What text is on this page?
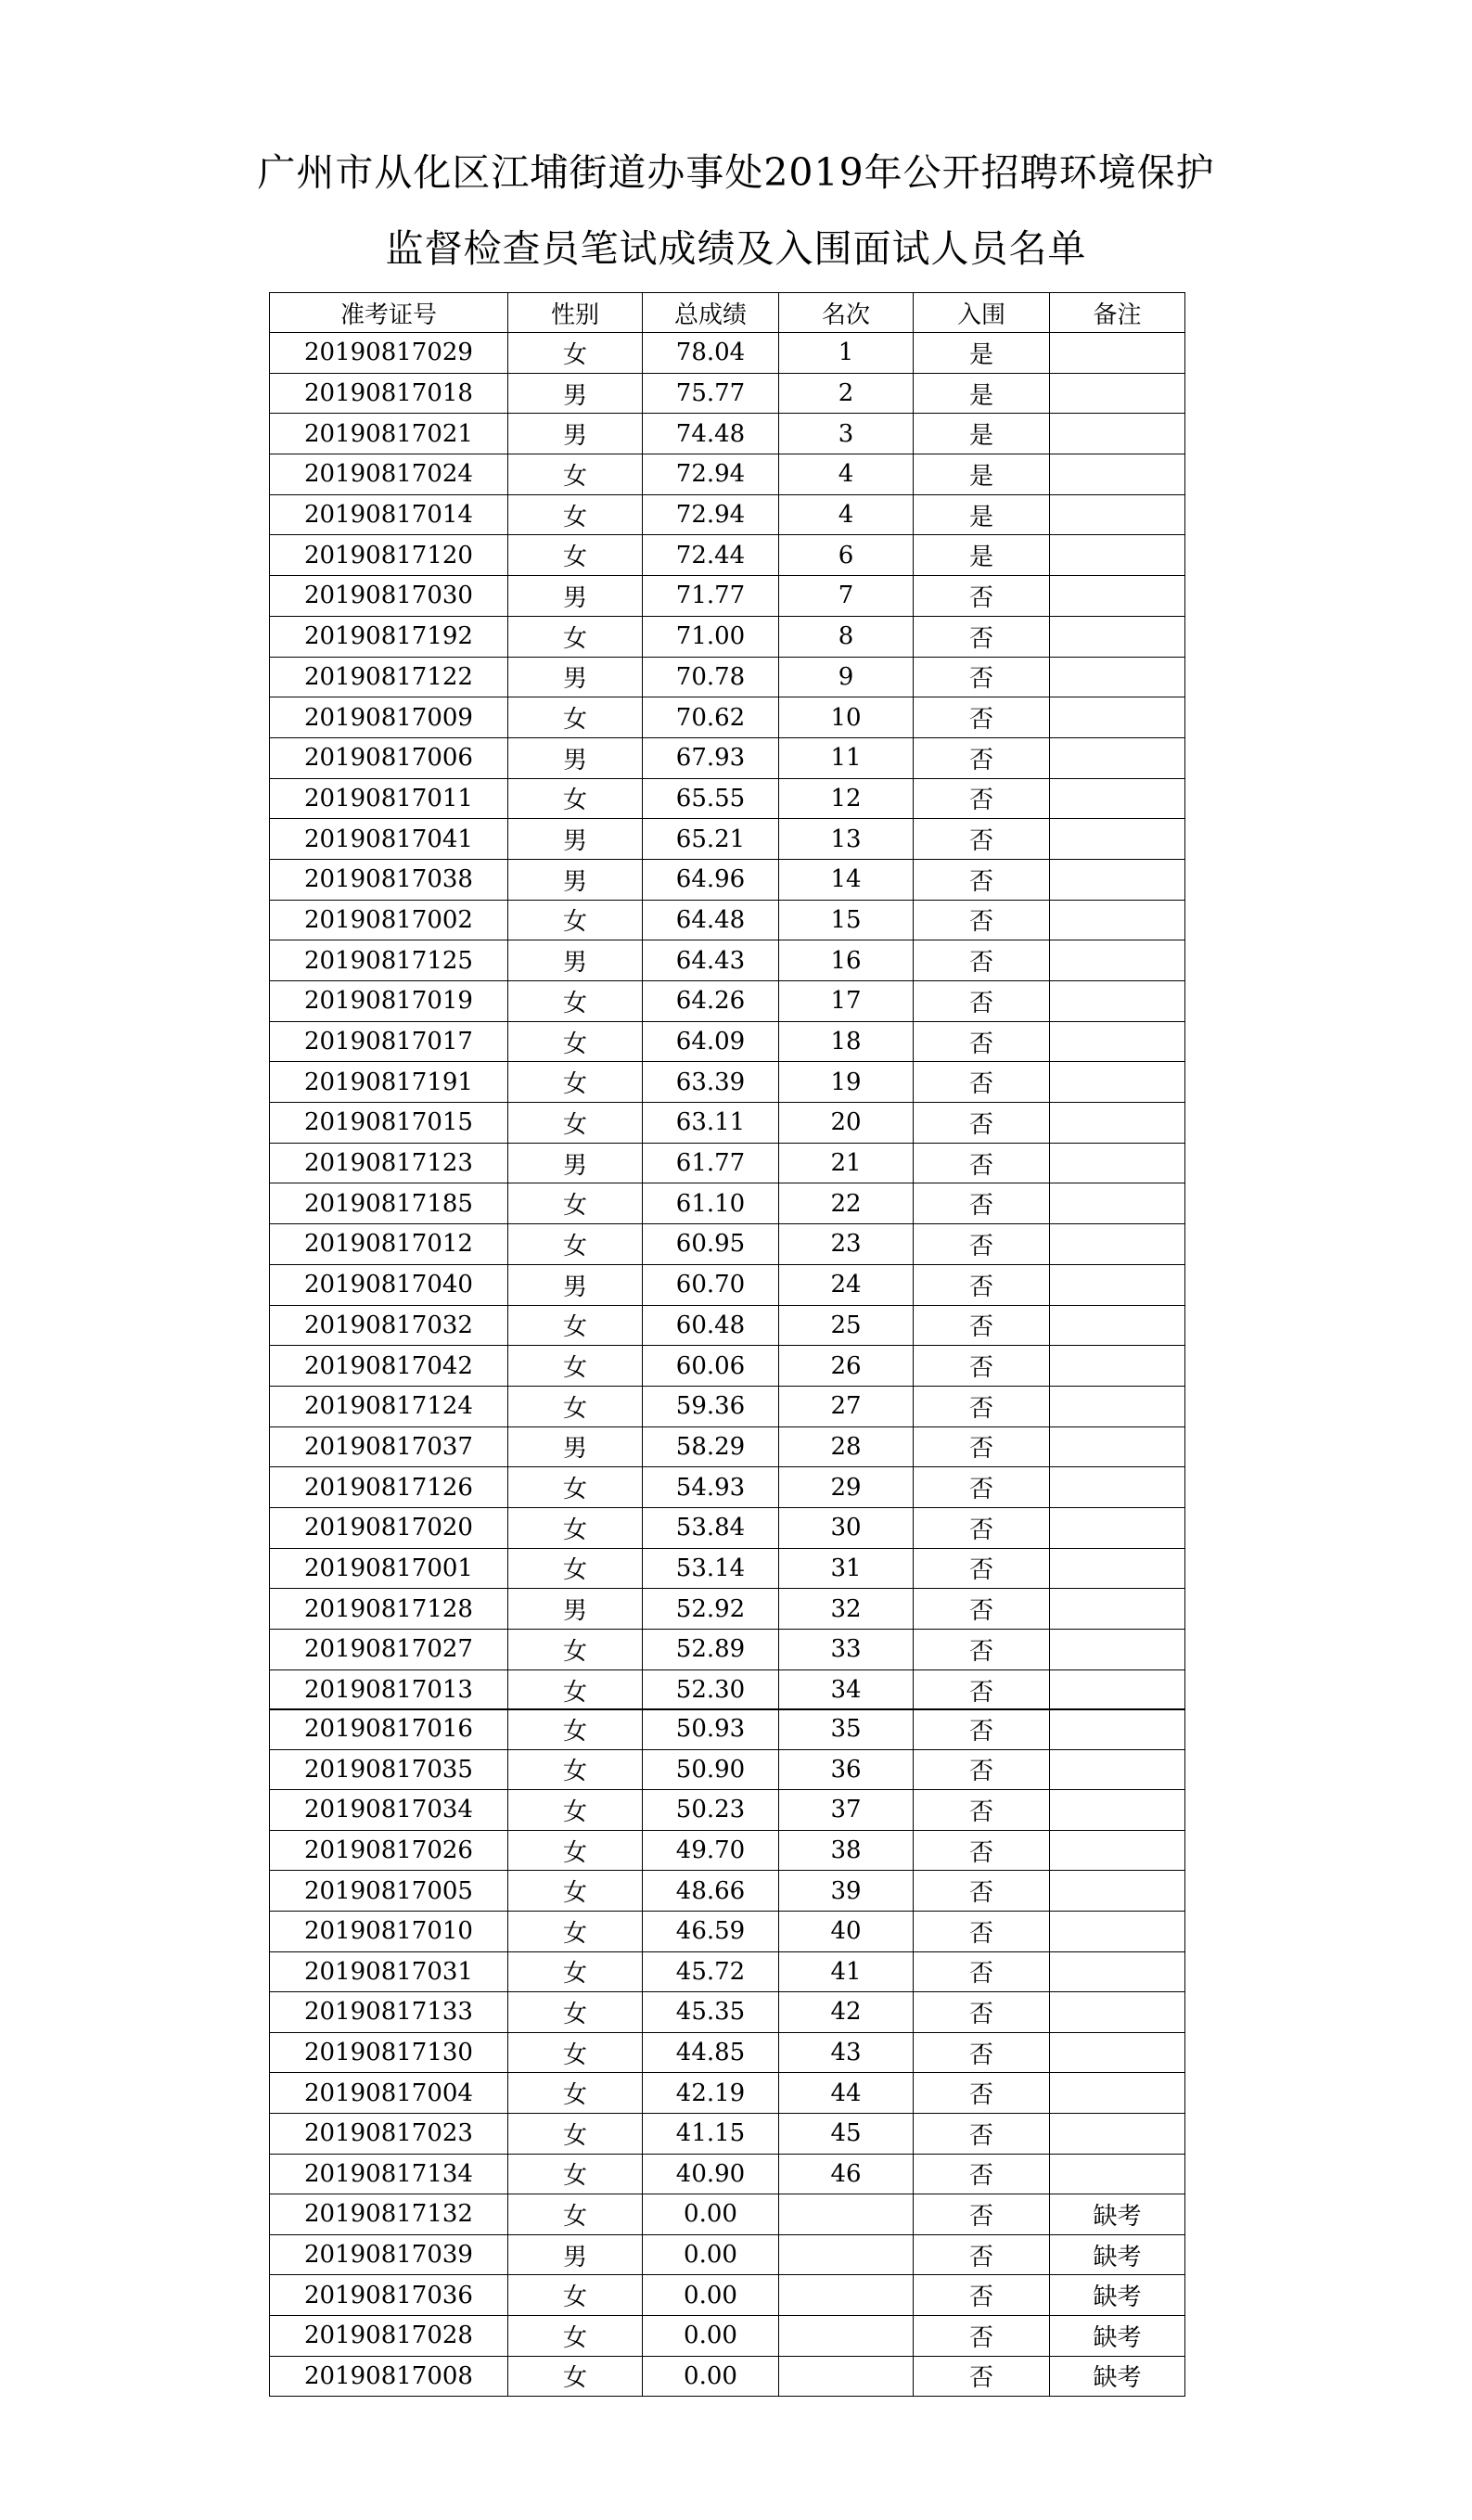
广州市从化区江埔街道办事处2019年公开招聘环境保护
监督检查员笔试成绩及入围面试人员名单
准考证号	性别	总成绩	名次	入围	备注
20190817029	女	78.04	1	是	
20190817018	男	75.77	2	是	
20190817021	男	74.48	3	是	
20190817024	女	72.94	4	是	
20190817014	女	72.94	4	是	
20190817120	女	72.44	6	是	
20190817030	男	71.77	7	否	
20190817192	女	71.00	8	否	
20190817122	男	70.78	9	否	
20190817009	女	70.62	10	否	
20190817006	男	67.93	11	否	
20190817011	女	65.55	12	否	
20190817041	男	65.21	13	否	
20190817038	男	64.96	14	否	
20190817002	女	64.48	15	否	
20190817125	男	64.43	16	否	
20190817019	女	64.26	17	否	
20190817017	女	64.09	18	否	
20190817191	女	63.39	19	否	
20190817015	女	63.11	20	否	
20190817123	男	61.77	21	否	
20190817185	女	61.10	22	否	
20190817012	女	60.95	23	否	
20190817040	男	60.70	24	否	
20190817032	女	60.48	25	否	
20190817042	女	60.06	26	否	
20190817124	女	59.36	27	否	
20190817037	男	58.29	28	否	
20190817126	女	54.93	29	否	
20190817020	女	53.84	30	否	
20190817001	女	53.14	31	否	
20190817128	男	52.92	32	否	
20190817027	女	52.89	33	否	
20190817013	女	52.30	34	否	
20190817016	女	50.93	35	否	
20190817035	女	50.90	36	否	
20190817034	女	50.23	37	否	
20190817026	女	49.70	38	否	
20190817005	女	48.66	39	否	
20190817010	女	46.59	40	否	
20190817031	女	45.72	41	否	
20190817133	女	45.35	42	否	
20190817130	女	44.85	43	否	
20190817004	女	42.19	44	否	
20190817023	女	41.15	45	否	
20190817134	女	40.90	46	否	
20190817132	女	0.00		否	缺考
20190817039	男	0.00		否	缺考
20190817036	女	0.00		否	缺考
20190817028	女	0.00		否	缺考
20190817008	女	0.00		否	缺考
